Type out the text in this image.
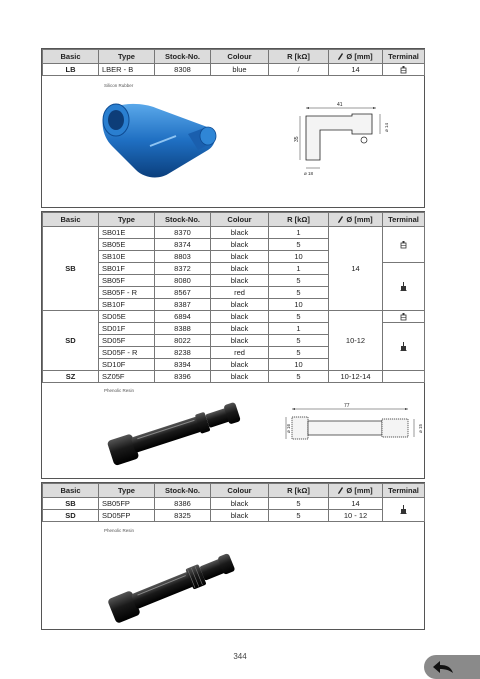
Basic	Type	Stock-No.	Colour	R [kΩ]	Ø [mm]	Terminal
LB	LBER - B	8308	blue	/	14	
Silicon Rubber
41
35
ø 14
ø 18
Basic	Type	Stock-No.	Colour	R [kΩ]	Ø [mm]	Terminal
SB	SB01E	8370	black	1	14	
	SB05E	8374	black	5		
	SB10E	8803	black	10		
	SB01F	8372	black	1	
	SB05F	8080	black	5		
	SB05F - R	8567	red	5		
	SB10F	8387	black	10		
SD	SD05E	6894	black	5	10-12	
	SD01F	8388	black	1	
	SD05F	8022	black	5		
	SD05F - R	8238	red	5		
	SD10F	8394	black	10		
SZ	SZ05F	8396	black	5	10-12-14	
Phenolic Resin
77
ø 16	ø 15
Basic	Type	Stock-No.	Colour	R [kΩ]	Ø [mm]	Terminal
SB	SB05FP	8386	black	5	14	
SD	SD05FP	8325	black	5	10 - 12	
Phenolic Resin
344
